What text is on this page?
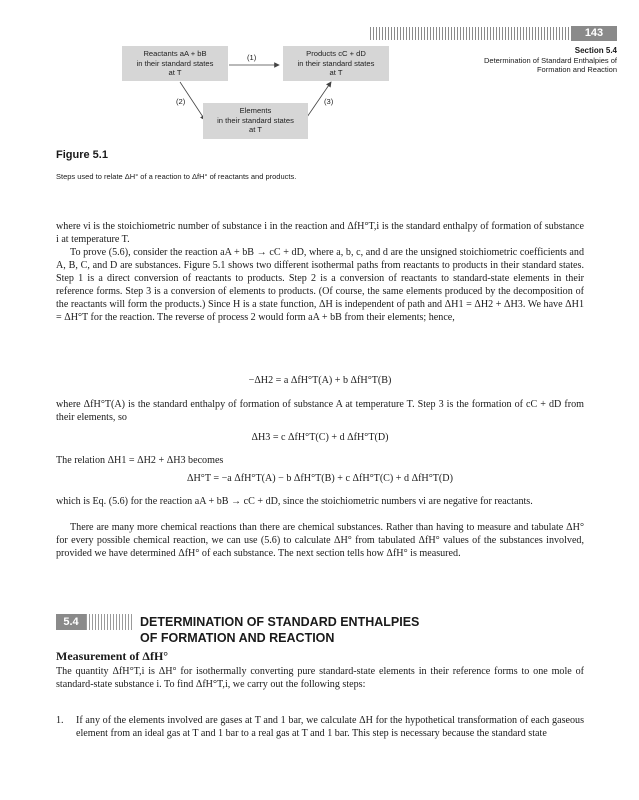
143
Section 5.4
Determination of Standard Enthalpies of Formation and Reaction
Reactants aA + bB
in their standard states
at T
Products cC + dD
in their standard states
at T
Elements
in their standard states
at T
(1)
(2)	(3)
Figure 5.1
Steps used to relate ΔH° of a reaction to ΔfH° of reactants and products.
where νi is the stoichiometric number of substance i in the reaction and ΔfH°T,i is the standard enthalpy of formation of substance i at temperature T.
To prove (5.6), consider the reaction aA + bB → cC + dD, where a, b, c, and d are the unsigned stoichiometric coefficients and A, B, C, and D are substances. Figure 5.1 shows two different isothermal paths from reactants to products in their standard states. Step 1 is a direct conversion of reactants to products. Step 2 is a conversion of reactants to standard-state elements in their reference forms. Step 3 is a conversion of elements to products. (Of course, the same elements produced by the decomposition of the reactants will form the products.) Since H is a state function, ΔH is independent of path and ΔH1 = ΔH2 + ΔH3. We have ΔH1 = ΔH°T for the reaction. The reverse of process 2 would form aA + bB from their elements; hence,
−ΔH2 = a ΔfH°T(A) + b ΔfH°T(B)
where ΔfH°T(A) is the standard enthalpy of formation of substance A at temperature T. Step 3 is the formation of cC + dD from their elements, so
ΔH3 = c ΔfH°T(C) + d ΔfH°T(D)
The relation ΔH1 = ΔH2 + ΔH3 becomes
ΔH°T = −a ΔfH°T(A) − b ΔfH°T(B) + c ΔfH°T(C) + d ΔfH°T(D)
which is Eq. (5.6) for the reaction aA + bB → cC + dD, since the stoichiometric numbers νi are negative for reactants.
There are many more chemical reactions than there are chemical substances. Rather than having to measure and tabulate ΔH° for every possible chemical reaction, we can use (5.6) to calculate ΔH° from tabulated ΔfH° values of the substances involved, provided we have determined ΔfH° of each substance. The next section tells how ΔfH° is measured.
5.4	DETERMINATION OF STANDARD ENTHALPIES
OF FORMATION AND REACTION
Measurement of ΔfH°
The quantity ΔfH°T,i is ΔH° for isothermally converting pure standard-state elements in their reference forms to one mole of standard-state substance i. To find ΔfH°T,i, we carry out the following steps:
1. If any of the elements involved are gases at T and 1 bar, we calculate ΔH for the hypothetical transformation of each gaseous element from an ideal gas at T and 1 bar to a real gas at T and 1 bar. This step is necessary because the standard state
